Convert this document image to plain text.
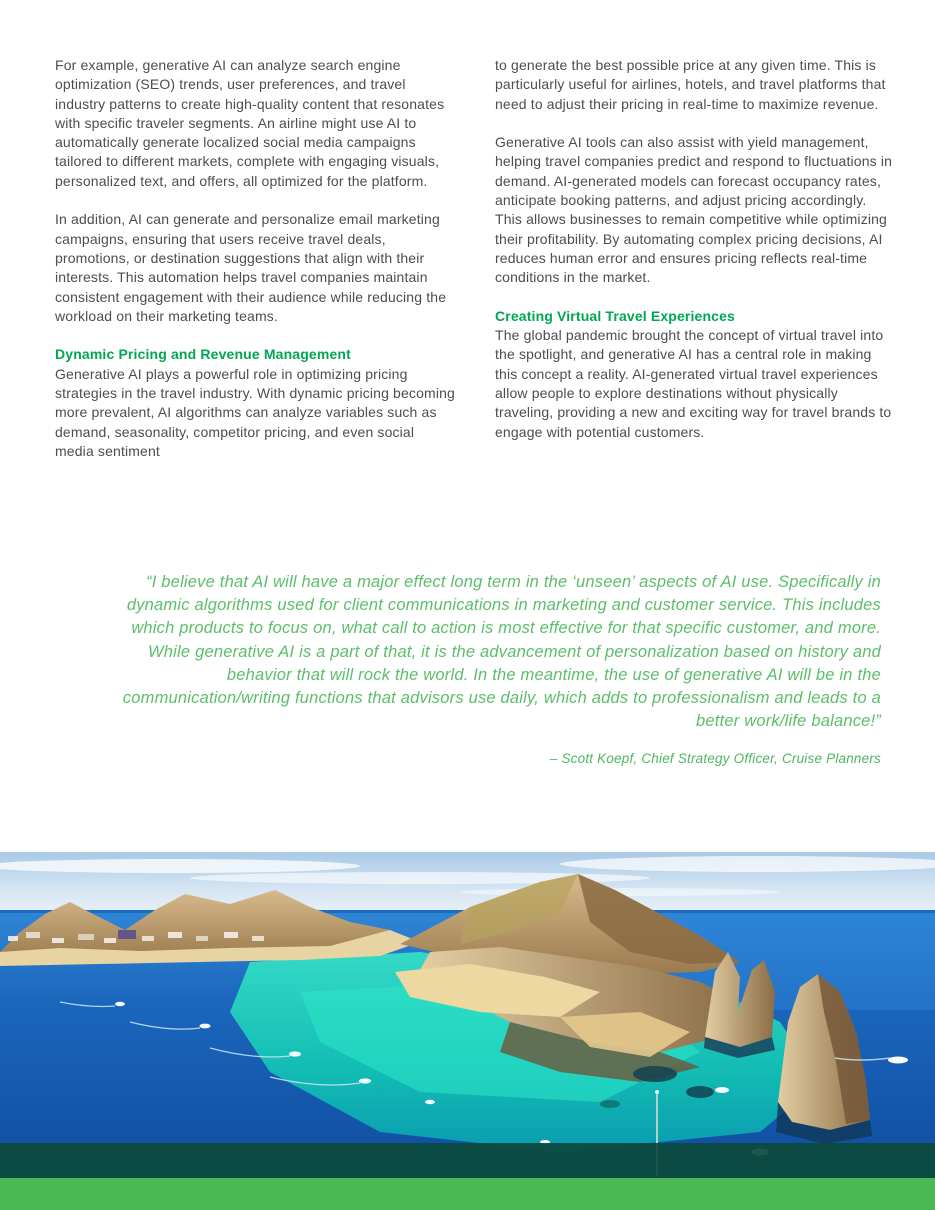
For example, generative AI can analyze search engine optimization (SEO) trends, user preferences, and travel industry patterns to create high-quality content that resonates with specific traveler segments. An airline might use AI to automatically generate localized social media campaigns tailored to different markets, complete with engaging visuals, personalized text, and offers, all optimized for the platform.

In addition, AI can generate and personalize email marketing campaigns, ensuring that users receive travel deals, promotions, or destination suggestions that align with their interests. This automation helps travel companies maintain consistent engagement with their audience while reducing the workload on their marketing teams.

Dynamic Pricing and Revenue Management

Generative AI plays a powerful role in optimizing pricing strategies in the travel industry. With dynamic pricing becoming more prevalent, AI algorithms can analyze variables such as demand, seasonality, competitor pricing, and even social media sentiment

to generate the best possible price at any given time. This is particularly useful for airlines, hotels, and travel platforms that need to adjust their pricing in real-time to maximize revenue.

Generative AI tools can also assist with yield management, helping travel companies predict and respond to fluctuations in demand. AI-generated models can forecast occupancy rates, anticipate booking patterns, and adjust pricing accordingly. This allows businesses to remain competitive while optimizing their profitability. By automating complex pricing decisions, AI reduces human error and ensures pricing reflects real-time conditions in the market.

Creating Virtual Travel Experiences

The global pandemic brought the concept of virtual travel into the spotlight, and generative AI has a central role in making this concept a reality. AI-generated virtual travel experiences allow people to explore destinations without physically traveling, providing a new and exciting way for travel brands to engage with potential customers.

“I believe that AI will have a major effect long term in the ‘unseen’ aspects of AI use. Specifically in dynamic algorithms used for client communications in marketing and customer service. This includes which products to focus on, what call to action is most effective for that specific customer, and more. While generative AI is a part of that, it is the advancement of personalization based on history and behavior that will rock the world. In the meantime, the use of generative AI will be in the communication/writing functions that advisors use daily, which adds to professionalism and leads to a better work/life balance!”
– Scott Koepf, Chief Strategy Officer, Cruise Planners
